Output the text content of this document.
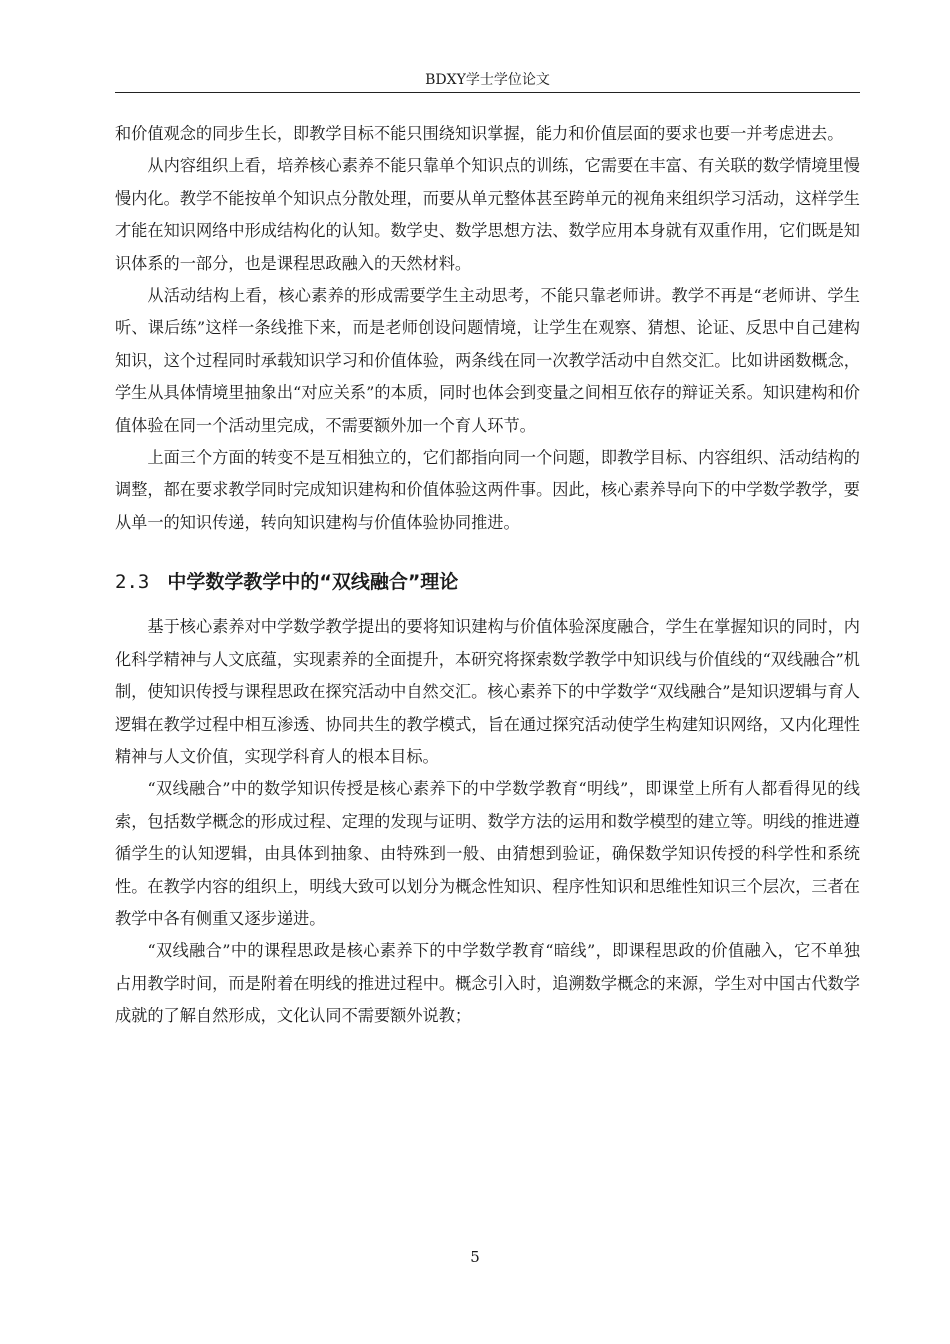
BDXY学士学位论文

和价值观念的同步生长，即教学目标不能只围绕知识掌握，能力和价值层面的要求也要一并考虑进去。

从内容组织上看，培养核心素养不能只靠单个知识点的训练，它需要在丰富、有关联的数学情境里慢慢内化。教学不能按单个知识点分散处理，而要从单元整体甚至跨单元的视角来组织学习活动，这样学生才能在知识网络中形成结构化的认知。数学史、数学思想方法、数学应用本身就有双重作用，它们既是知识体系的一部分，也是课程思政融入的天然材料。

从活动结构上看，核心素养的形成需要学生主动思考，不能只靠老师讲。教学不再是“老师讲、学生听、课后练”这样一条线推下来，而是老师创设问题情境，让学生在观察、猜想、论证、反思中自己建构知识，这个过程同时承载知识学习和价值体验，两条线在同一次教学活动中自然交汇。比如讲函数概念，学生从具体情境里抽象出“对应关系”的本质，同时也体会到变量之间相互依存的辩证关系。知识建构和价值体验在同一个活动里完成，不需要额外加一个育人环节。

上面三个方面的转变不是互相独立的，它们都指向同一个问题，即教学目标、内容组织、活动结构的调整，都在要求教学同时完成知识建构和价值体验这两件事。因此，核心素养导向下的中学数学教学，要从单一的知识传递，转向知识建构与价值体验协同推进。

2.3 中学数学教学中的“双线融合”理论

基于核心素养对中学数学教学提出的要将知识建构与价值体验深度融合，学生在掌握知识的同时，内化科学精神与人文底蕴，实现素养的全面提升，本研究将探索数学教学中知识线与价值线的“双线融合”机制，使知识传授与课程思政在探究活动中自然交汇。核心素养下的中学数学“双线融合”是知识逻辑与育人逻辑在教学过程中相互渗透、协同共生的教学模式，旨在通过探究活动使学生构建知识网络，又内化理性精神与人文价值，实现学科育人的根本目标。

“双线融合”中的数学知识传授是核心素养下的中学数学教育“明线”，即课堂上所有人都看得见的线索，包括数学概念的形成过程、定理的发现与证明、数学方法的运用和数学模型的建立等。明线的推进遵循学生的认知逻辑，由具体到抽象、由特殊到一般、由猜想到验证，确保数学知识传授的科学性和系统性。在教学内容的组织上，明线大致可以划分为概念性知识、程序性知识和思维性知识三个层次，三者在教学中各有侧重又逐步递进。

“双线融合”中的课程思政是核心素养下的中学数学教育“暗线”，即课程思政的价值融入，它不单独占用教学时间，而是附着在明线的推进过程中。概念引入时，追溯数学概念的来源，学生对中国古代数学成就的了解自然形成，文化认同不需要额外说教；

5
